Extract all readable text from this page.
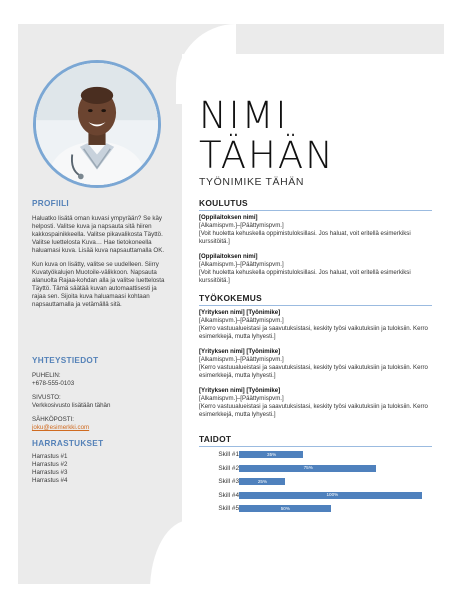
PROFIILI

Haluatko lisätä oman kuvasi ympyrään? Se käy helposti. Valitse kuva ja napsauta sitä hiiren kakkospainikkeella. Valitse pikavalikosta Täyttö. Valitse luettelosta Kuva… Hae tietokoneella haluamasi kuva. Lisää kuva napsauttamalla OK.

Kun kuva on lisätty, valitse se uudelleen. Siirry Kuvatyökalujen Muotoile-välikkoon. Napsauta alanuolta Rajaa-kohdan alla ja valitse luettelosta Täyttö. Tämä säätää kuvan automaattisesti ja rajaa sen. Sijoita kuva haluamaasi kohtaan napsauttamalla ja vetämällä sitä.

YHTEYSTIEDOT
PUHELIN:

+678-555-0103

SIVUSTO:

Verkkosivusto lisätään tähän

SÄHKÖPOSTI:

joku@esimerkki.com

HARRASTUKSET
Harrastus #1
Harrastus #2
Harrastus #3
Harrastus #4
NIMI
TÄHÄN
TYÖNIMIKE TÄHÄN
KOULUTUS
[Oppilaitoksen nimi]
[Alkamispvm.]–[Päättymispvm.]
[Voit huoletta kehuskella oppimistuloksillasi. Jos haluat, voit eritellä esimerkiksi kurssitöitä.]
[Oppilaitoksen nimi]
[Alkamispvm.]–[Päättymispvm.]
[Voit huoletta kehuskella oppimistuloksillasi. Jos haluat, voit eritellä esimerkiksi kurssitöitä.]
TYÖKOKEMUS
[Yrityksen nimi] [Työnimike]
[Alkamispvm.]–[Päättymispvm.]
[Kerro vastuualueistasi ja saavutuksistasi, keskity työsi vaikutuksiin ja tuloksiin. Kerro esimerkkejä, mutta lyhyesti.]
[Yrityksen nimi] [Työnimike]
[Alkamispvm.]–[Päättymispvm.]
[Kerro vastuualueistasi ja saavutuksistasi, keskity työsi vaikutuksiin ja tuloksiin. Kerro esimerkkejä, mutta lyhyesti.]
[Yrityksen nimi] [Työnimike]
[Alkamispvm.]–[Päättymispvm.]
[Kerro vastuualueistasi ja saavutuksistasi, keskity työsi vaikutuksiin ja tuloksiin. Kerro esimerkkejä, mutta lyhyesti.]
TAIDOT
Skill #1	35%
Skill #2	75%
Skill #3	25%
Skill #4	100%
Skill #5	50%
